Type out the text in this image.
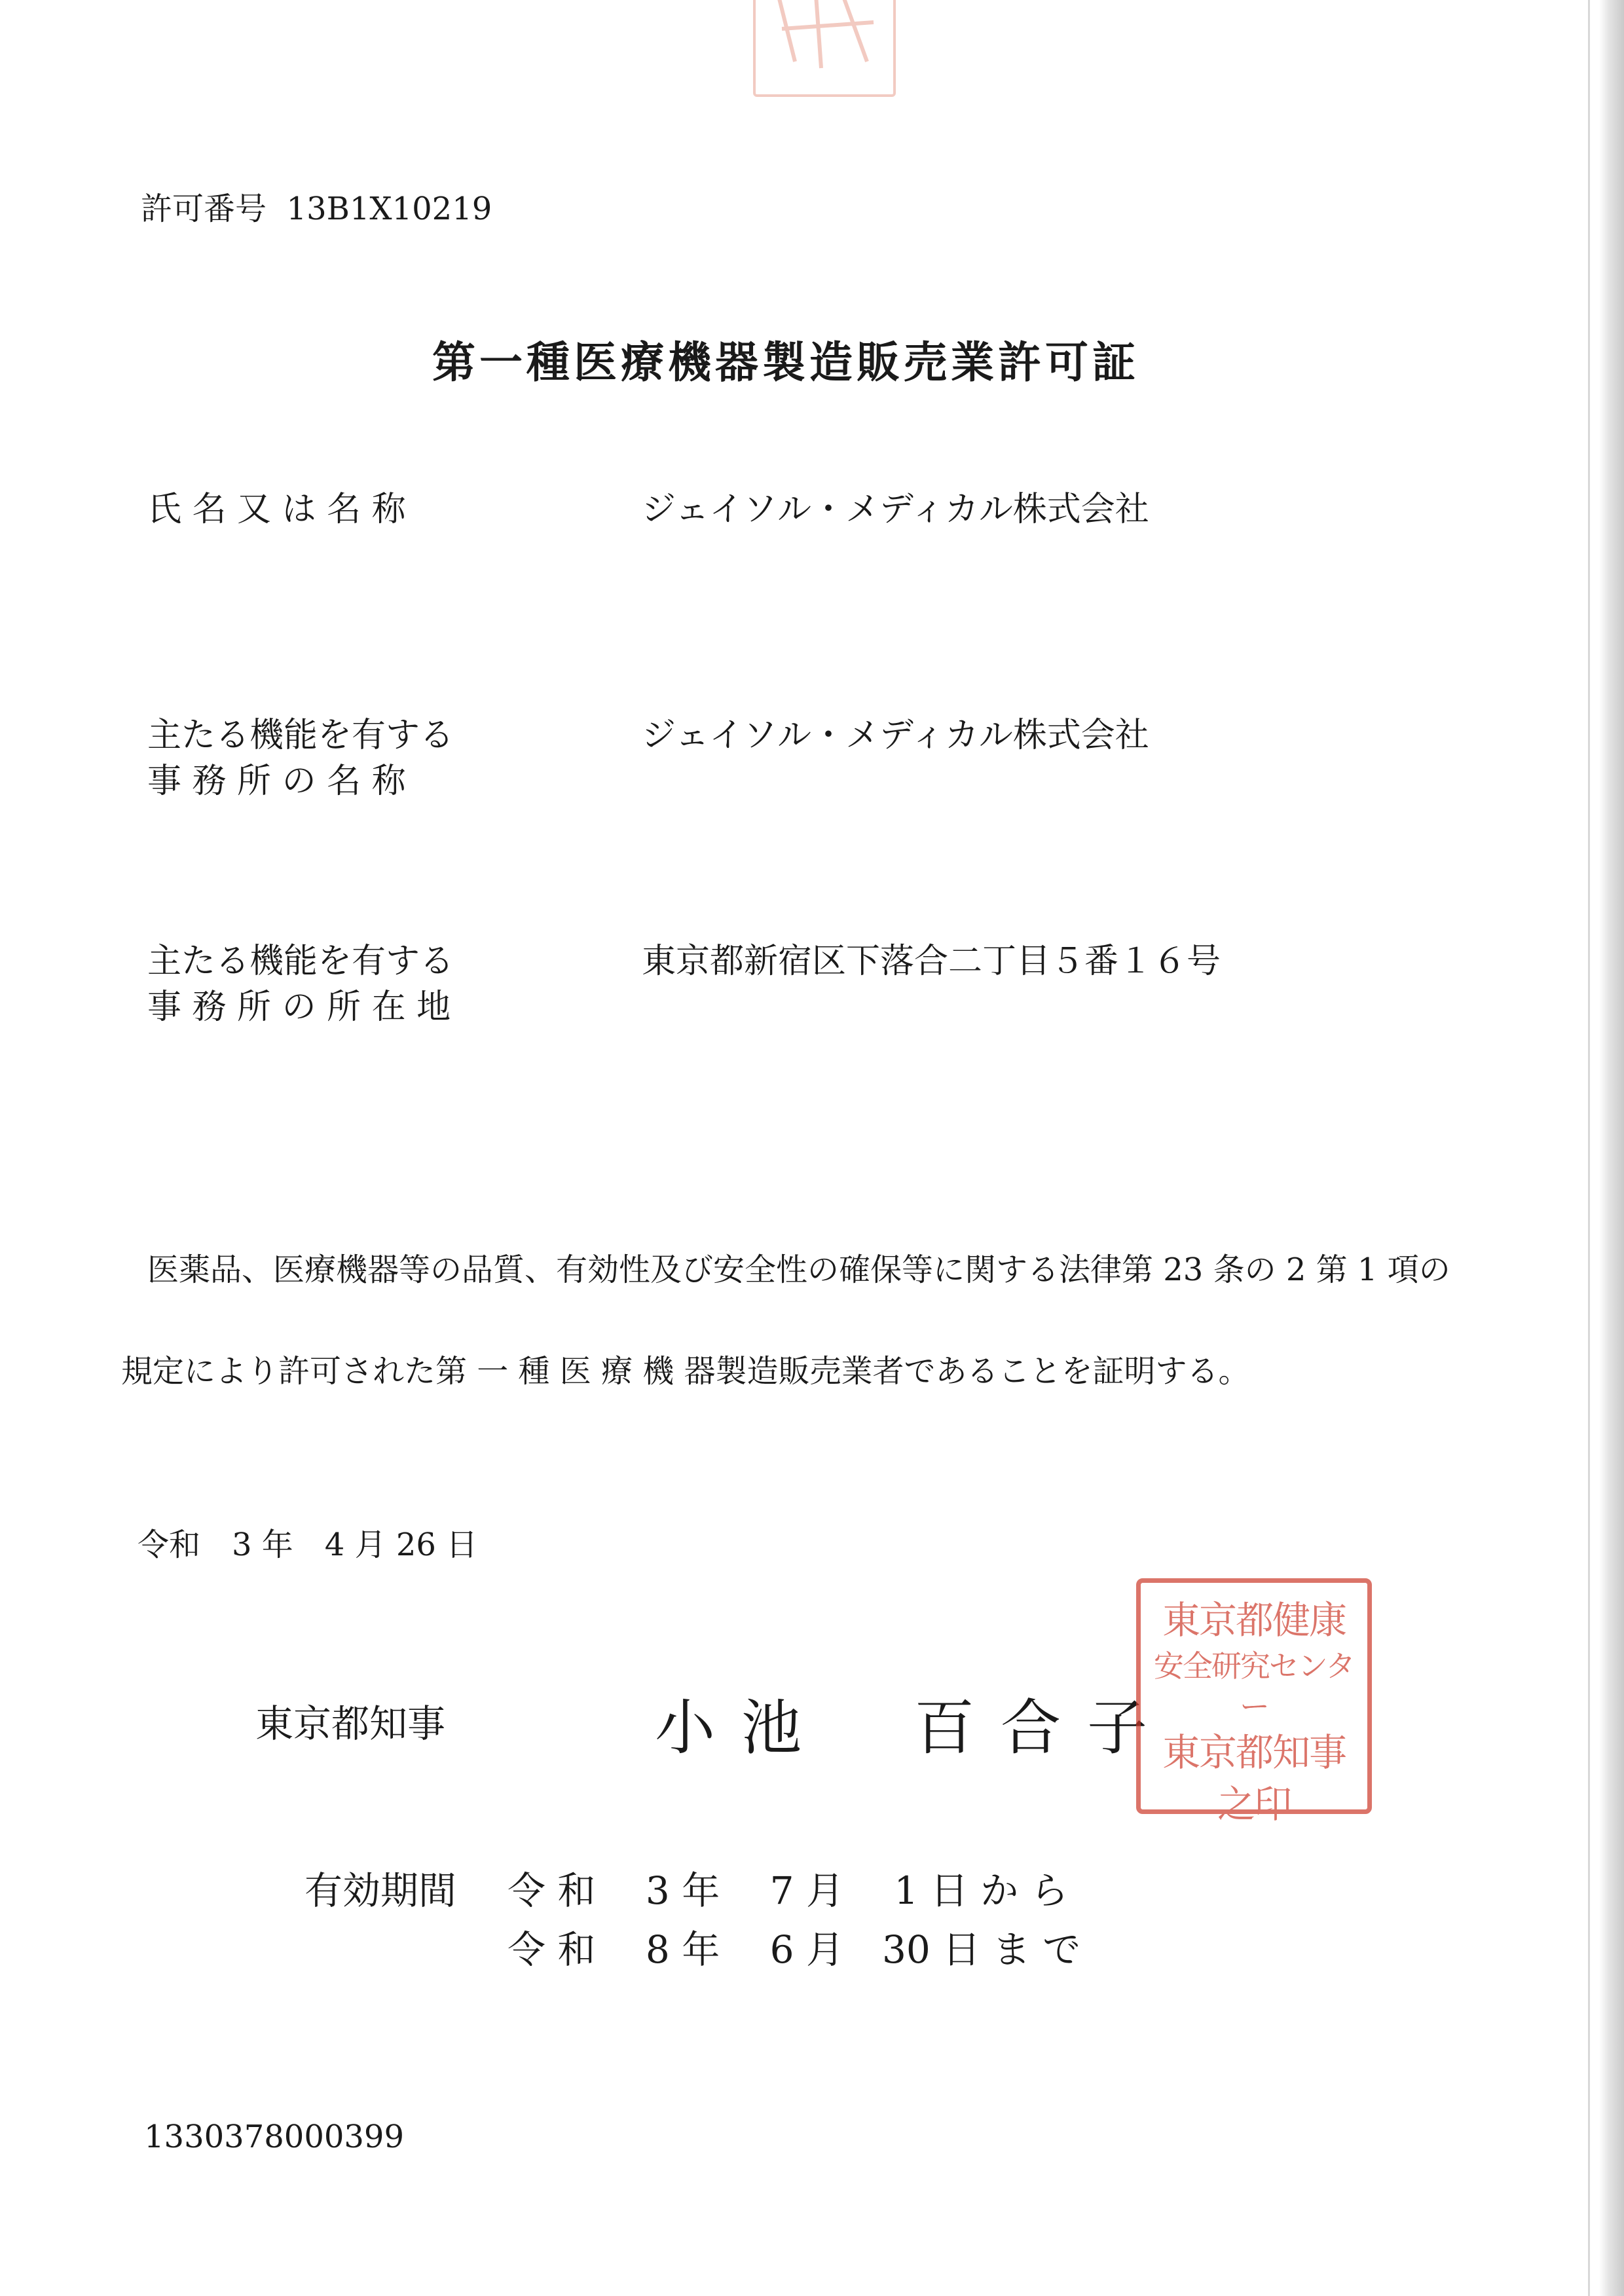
許可番号 13B1X10219
第一種医療機器製造販売業許可証
氏 名 又 は 名 称	ジェイソル・メディカル株式会社
主たる機能を有する
事 務 所 の 名 称
ジェイソル・メディカル株式会社
主たる機能を有する
事 務 所 の 所 在 地
東京都新宿区下落合二丁目５番１６号
医薬品、医療機器等の品質、有効性及び安全性の確保等に関する法律第 23 条の 2 第 1 項の
規定により許可された第 一 種 医 療 機 器製造販売業者であることを証明する。
令和　3 年　4 月 26 日
東京都知事	小池　百合子
東京都健康
安全研究センター
東京都知事
之印
有効期間 令 和　 3 年　 7 月　 1 日 か ら
令 和　 8 年　 6 月　30 日 ま で
1330378000399
